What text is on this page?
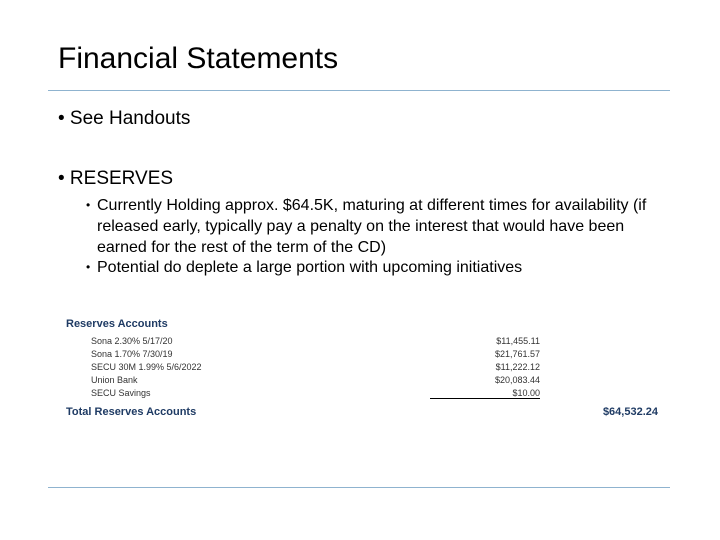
Financial Statements
• See Handouts
• RESERVES
• Currently Holding approx. $64.5K, maturing at different times for availability (if released early, typically pay a penalty on the interest that would have been earned for the rest of the term of the CD)
• Potential do deplete a large portion with upcoming initiatives
Reserves Accounts
Sona 2.30% 5/17/20	$11,455.11
Sona 1.70% 7/30/19	$21,761.57
SECU 30M 1.99% 5/6/2022	$11,222.12
Union Bank	$20,083.44
SECU Savings	$10.00
Total Reserves Accounts	$64,532.24
